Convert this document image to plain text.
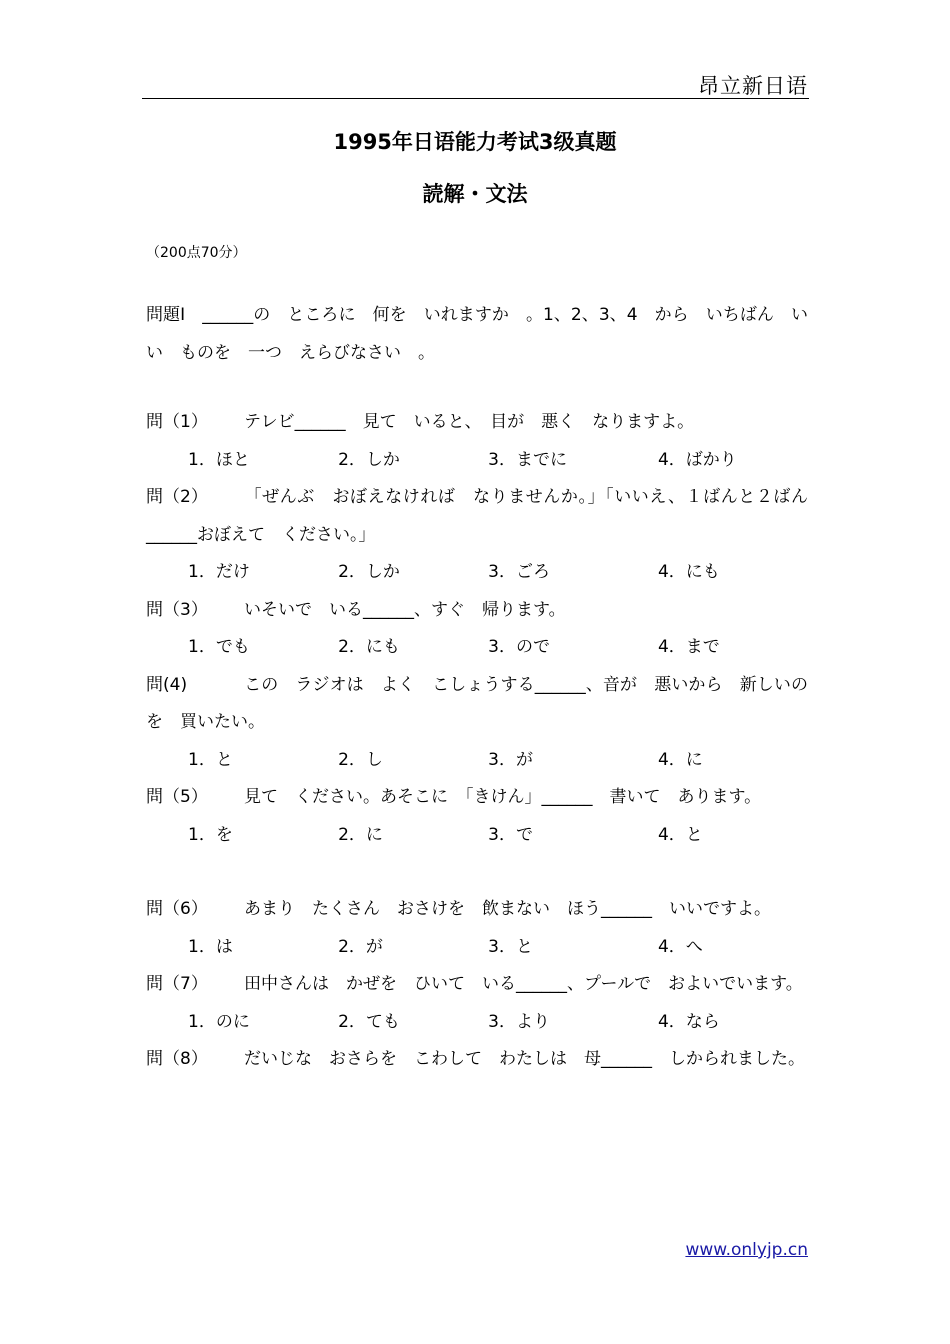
昂立新日语
1995年日语能力考试3级真题
読解・文法
（200点70分）
問題Ⅰ　______の　ところに　何を　いれますか　。1、2、3、4　から　いちばん　いい　ものを　一つ　えらびなさい　。
問（1） テレビ______　見て　いると、　目が　悪く　なりますよ。
1．ほと	2．しか	3．までに	4．ばかり
問（2） 「ぜんぶ　おぼえなければ　なりませんか。」「いいえ、１ばんと２ばん______おぼえて　ください。」
1．だけ	2．しか	3．ごろ	4．にも
問（3） いそいで　いる______、すぐ　帰ります。
1．でも	2．にも	3．ので	4．まで
問(4)	この　ラジオは　よく　こしょうする______、音が　悪いから　新しいのを　買いたい。
1．と	2．し	3．が	4．に
問（5） 見て　ください。あそこに　「きけん」______　書いて　あります。
1．を	2．に	3．で	4．と
問（6） あまり　たくさん　おさけを　飲まない　ほう______　いいですよ。
1．は	2．が	3．と	4．へ
問（7） 田中さんは　かぜを　ひいて　いる______、プールで　およいでいます。
1．のに	2．ても	3．より	4．なら
問（8） だいじな　おさらを　こわして　わたしは　母______　しかられました。
www.onlyjp.cn
